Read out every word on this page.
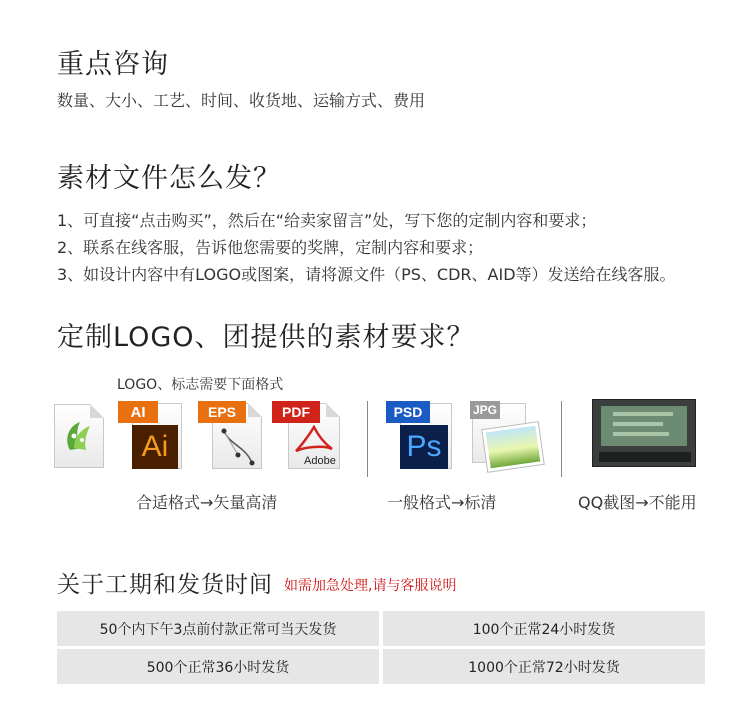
重点咨询
数量、大小、工艺、时间、收货地、运输方式、费用
素材文件怎么发？
1、可直接“点击购买”，然后在“给卖家留言”处，写下您的定制内容和要求；
2、联系在线客服，告诉他您需要的奖牌，定制内容和要求；
3、如设计内容中有LOGO或图案，请将源文件（PS、CDR、AID等）发送给在线客服。
定制LOGO、团提供的素材要求？
LOGO、标志需要下面格式
AI
Ai
EPS	PDF
Adobe
PSD
Ps
JPG
合适格式→矢量高清	一般格式→标清	QQ截图→不能用
关于工期和发货时间 如需加急处理,请与客服说明
50个内下午3点前付款正常可当天发货	100个正常24小时发货
500个正常36小时发货	1000个正常72小时发货
